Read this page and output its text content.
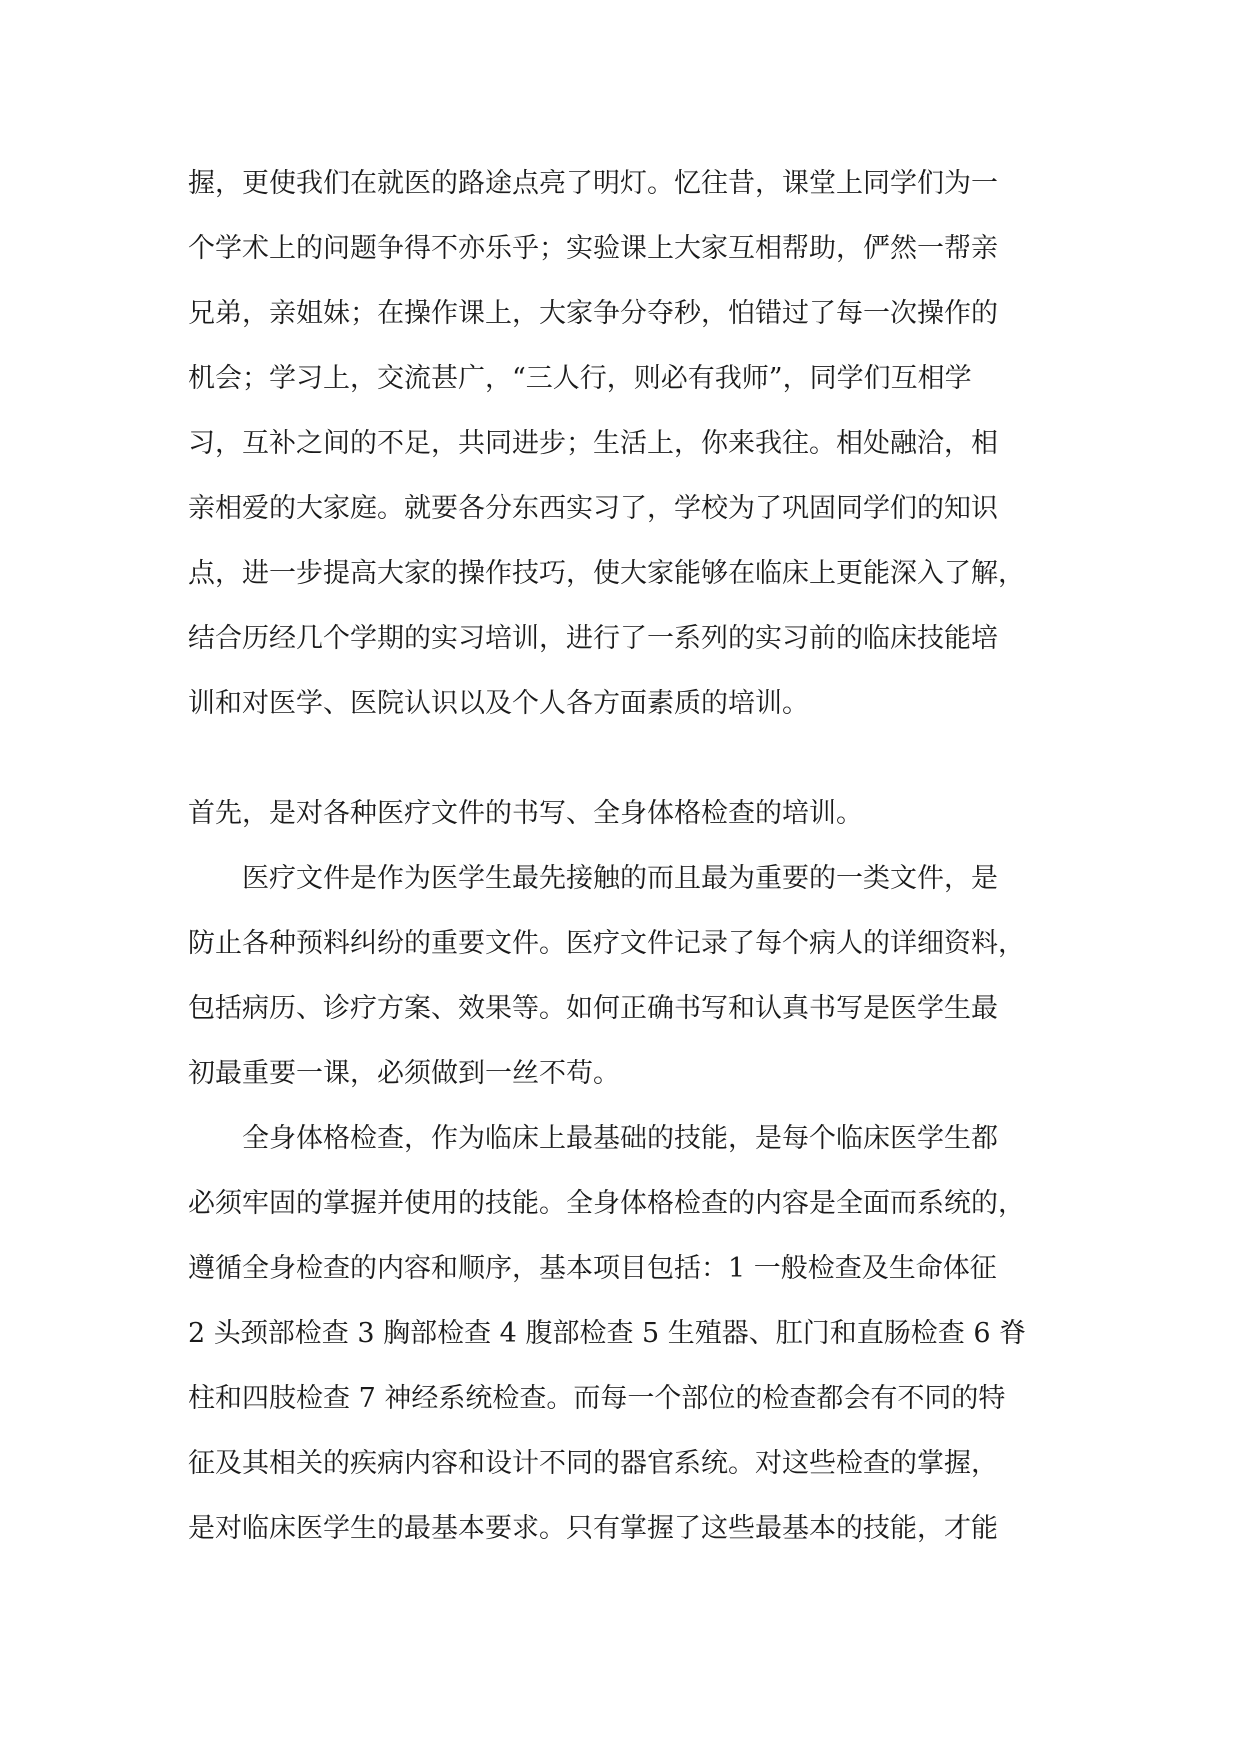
握，更使我们在就医的路途点亮了明灯。忆往昔，课堂上同学们为一
个学术上的问题争得不亦乐乎；实验课上大家互相帮助，俨然一帮亲
兄弟，亲姐妹；在操作课上，大家争分夺秒，怕错过了每一次操作的
机会；学习上，交流甚广，“三人行，则必有我师”，同学们互相学
习，互补之间的不足，共同进步；生活上，你来我往。相处融洽，相
亲相爱的大家庭。就要各分东西实习了，学校为了巩固同学们的知识
点，进一步提高大家的操作技巧，使大家能够在临床上更能深入了解，
结合历经几个学期的实习培训，进行了一系列的实习前的临床技能培
训和对医学、医院认识以及个人各方面素质的培训。
首先，是对各种医疗文件的书写、全身体格检查的培训。
　　医疗文件是作为医学生最先接触的而且最为重要的一类文件，是
防止各种预料纠纷的重要文件。医疗文件记录了每个病人的详细资料，
包括病历、诊疗方案、效果等。如何正确书写和认真书写是医学生最
初最重要一课，必须做到一丝不苟。
　　全身体格检查，作为临床上最基础的技能，是每个临床医学生都
必须牢固的掌握并使用的技能。全身体格检查的内容是全面而系统的，
遵循全身检查的内容和顺序，基本项目包括：1 一般检查及生命体征
2 头颈部检查 3 胸部检查 4 腹部检查 5 生殖器、肛门和直肠检查 6 脊
柱和四肢检查 7 神经系统检查。而每一个部位的检查都会有不同的特
征及其相关的疾病内容和设计不同的器官系统。对这些检查的掌握，
是对临床医学生的最基本要求。只有掌握了这些最基本的技能，才能
